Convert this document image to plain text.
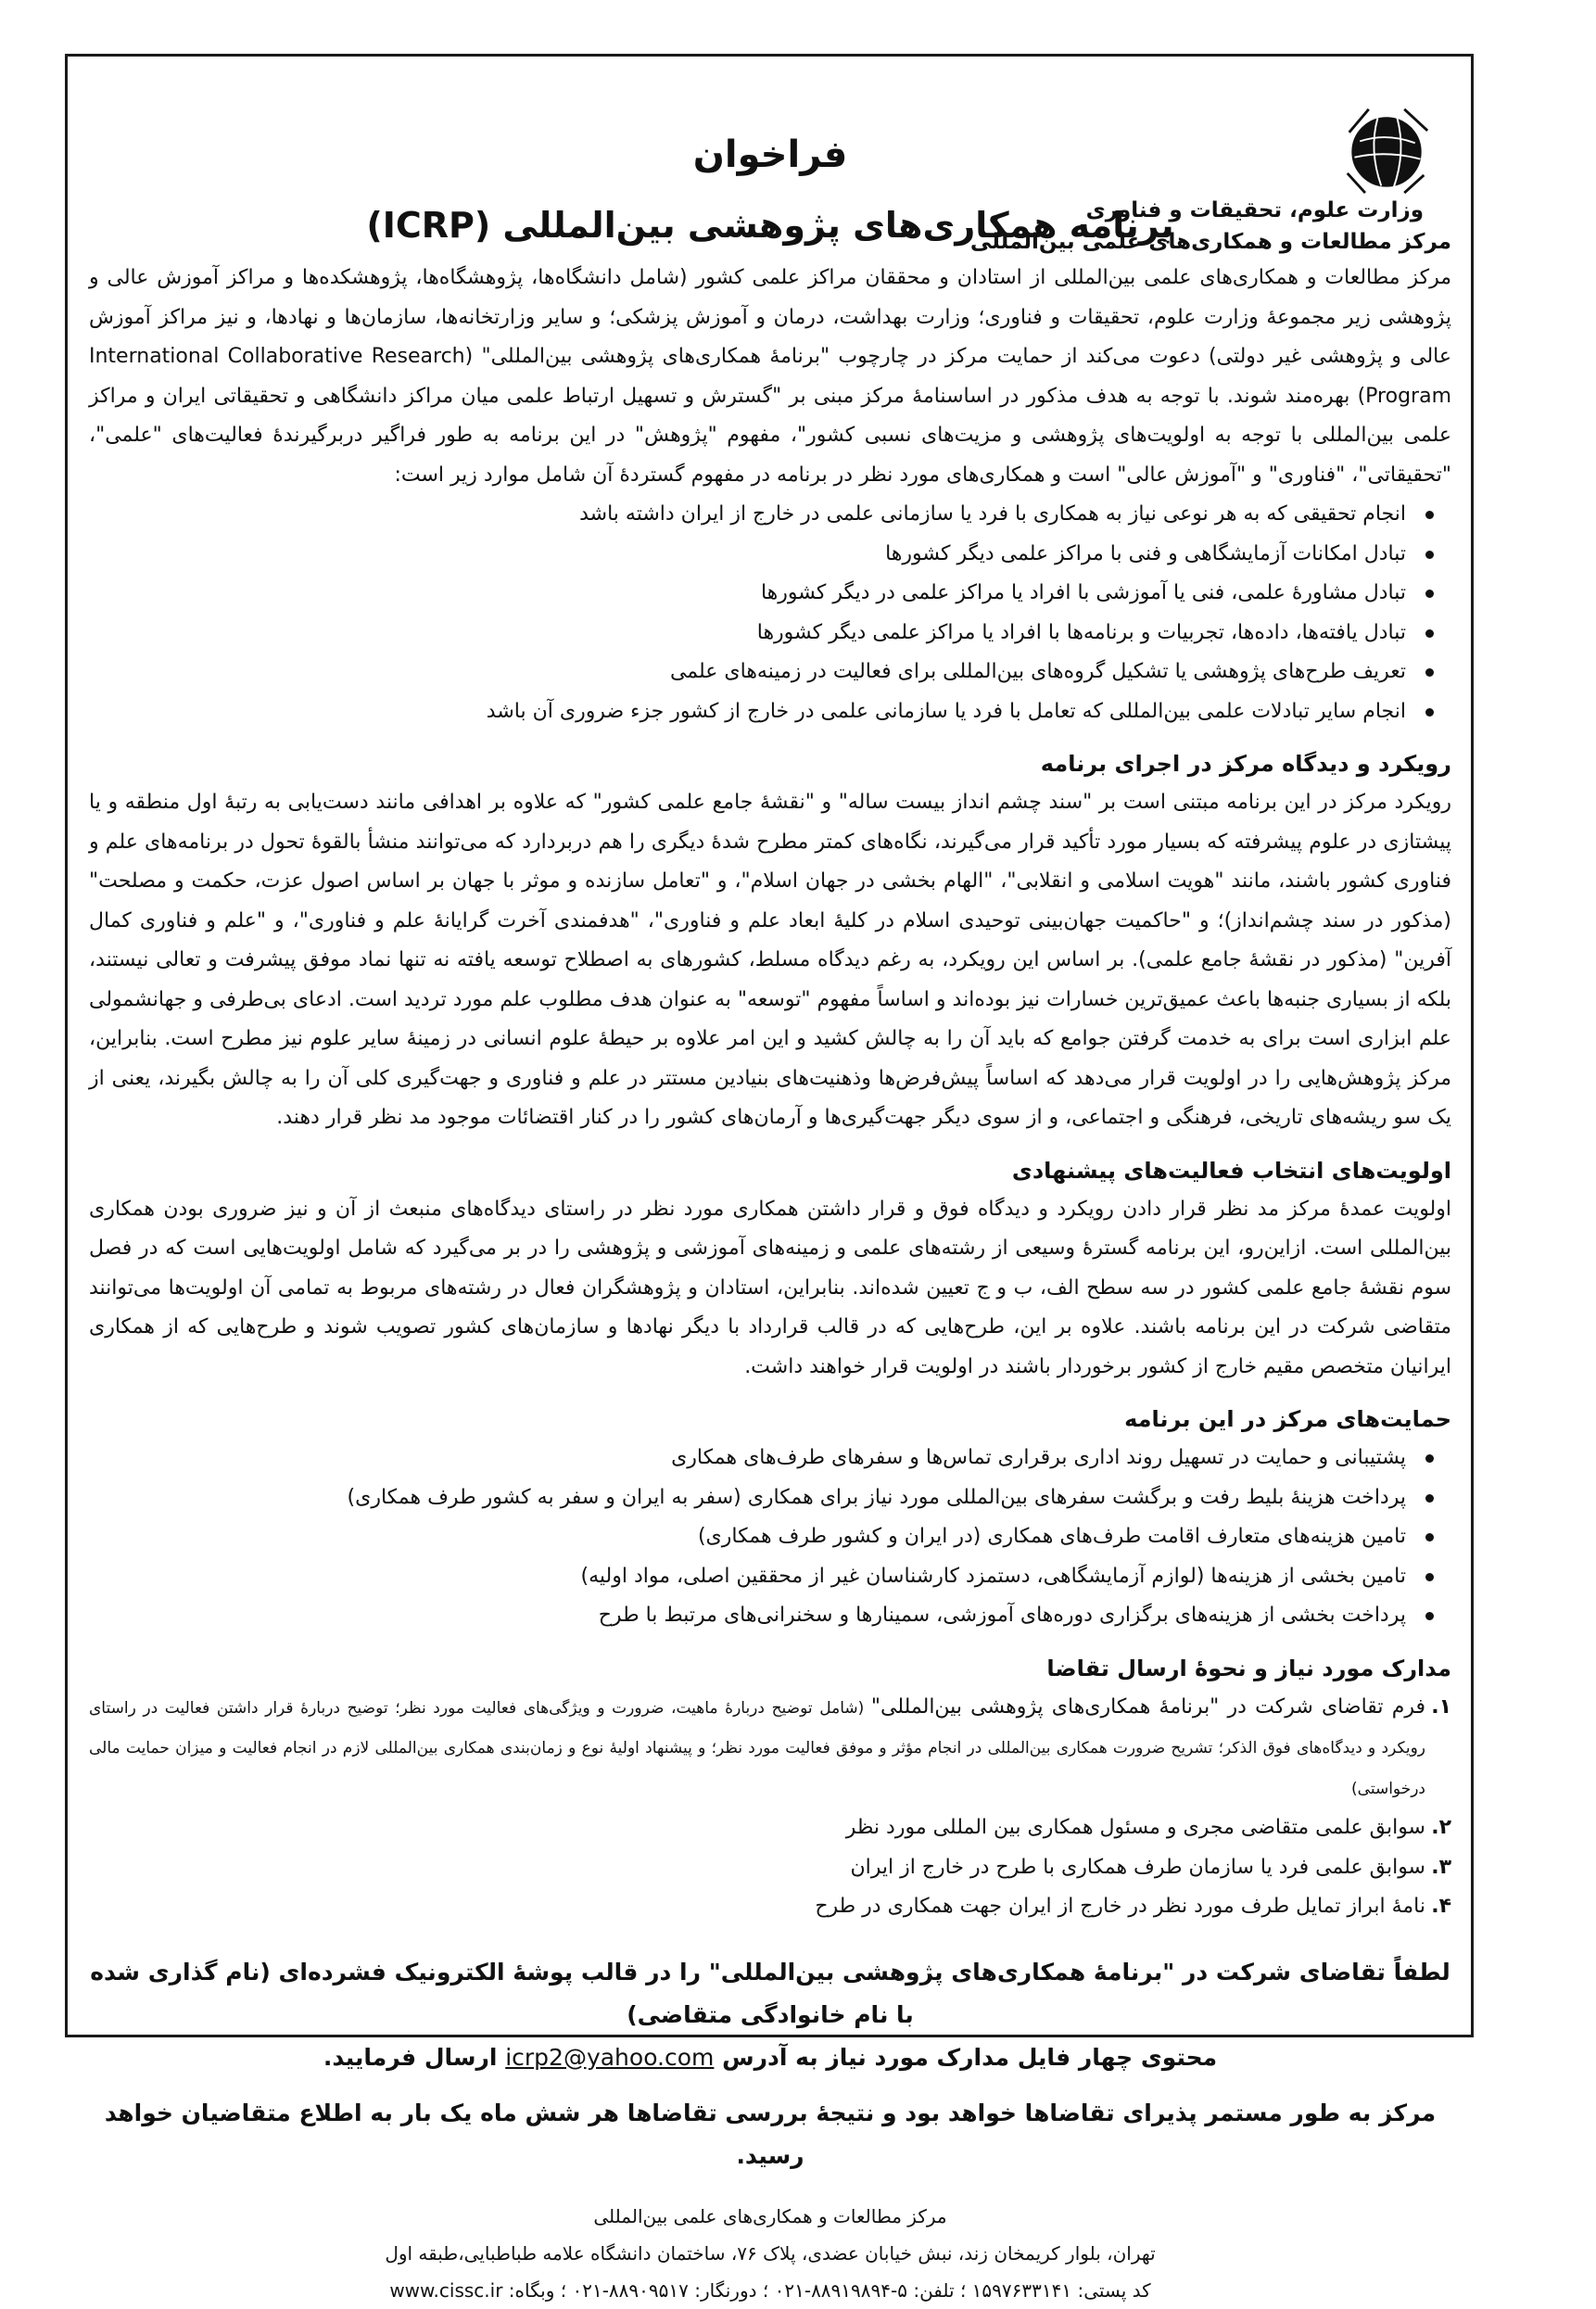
وزارت علوم، تحقیقات و فناوری
مرکز مطالعات و همکاری‌های علمی بین‌المللی
فراخوان
برنامه همکاری‌های پژوهشی بین‌المللی (ICRP)

مرکز مطالعات و همکاری‌های علمی بین‌المللی از استادان و محققان مراکز علمی کشور (شامل دانشگاه‌ها، پژوهشگاه‌ها، پژوهشکده‌ها و مراکز آموزش عالی و پژوهشی زیر مجموعهٔ وزارت علوم، تحقیقات و فناوری؛ وزارت بهداشت، درمان و آموزش پزشکی؛ و سایر وزارتخانه‌ها، سازمان‌ها و نهادها، و نیز مراکز آموزش عالی و پژوهشی غیر دولتی) دعوت می‌کند از حمایت مرکز در چارچوب "برنامهٔ همکاری‌های پژوهشی بین‌المللی" (International Collaborative Research Program) بهره‌مند شوند. با توجه به هدف مذکور در اساسنامهٔ مرکز مبنی بر "گسترش و تسهیل ارتباط علمی میان مراکز دانشگاهی و تحقیقاتی ایران و مراکز علمی بین‌المللی با توجه به اولویت‌های پژوهشی و مزیت‌های نسبی کشور"، مفهوم "پژوهش" در این برنامه به طور فراگیر دربرگیرندهٔ فعالیت‌های "علمی"، "تحقیقاتی"، "فناوری" و "آموزش عالی" است و همکاری‌های مورد نظر در برنامه در مفهوم گستردهٔ آن شامل موارد زیر است:

انجام تحقیقی که به هر نوعی نیاز به همکاری با فرد یا سازمانی علمی در خارج از ایران داشته باشد
تبادل امکانات آزمایشگاهی و فنی با مراکز علمی دیگر کشورها
تبادل مشاورهٔ علمی، فنی یا آموزشی با افراد یا مراکز علمی در دیگر کشورها
تبادل یافته‌ها، داده‌ها، تجربیات و برنامه‌ها با افراد یا مراکز علمی دیگر کشورها
تعریف طرح‌های پژوهشی یا تشکیل گروه‌های بین‌المللی برای فعالیت در زمینه‌های علمی
انجام سایر تبادلات علمی بین‌المللی که تعامل با فرد یا سازمانی علمی در خارج از کشور جزء ضروری آن باشد
رویکرد و دیدگاه مرکز در اجرای برنامه

رویکرد مرکز در این برنامه مبتنی است بر "سند چشم انداز بیست ساله" و "نقشهٔ جامع علمی کشور" که علاوه بر اهدافی مانند دست‌یابی به رتبهٔ اول منطقه و یا پیشتازی در علوم پیشرفته که بسیار مورد تأکید قرار می‌گیرند، نگاه‌های کمتر مطرح شدهٔ دیگری را هم دربردارد که می‌توانند منشأ بالقوهٔ تحول در برنامه‌های علم و فناوری کشور باشند، مانند "هویت اسلامی و انقلابی"، "الهام بخشی در جهان اسلام"، و "تعامل سازنده و موثر با جهان بر اساس اصول عزت، حکمت و مصلحت" (مذکور در سند چشم‌انداز)؛ و "حاکمیت جهان‌بینی توحیدی اسلام در کلیهٔ ابعاد علم و فناوری"، "هدفمندی آخرت گرایانهٔ علم و فناوری"، و "علم و فناوری کمال آفرین" (مذکور در نقشهٔ جامع علمی). بر اساس این رویکرد، به رغم دیدگاه مسلط، کشورهای به اصطلاح توسعه یافته نه تنها نماد موفق پیشرفت و تعالی نیستند، بلکه از بسیاری جنبه‌ها باعث عمیق‌ترین خسارات نیز بوده‌اند و اساساً مفهوم "توسعه" به عنوان هدف مطلوب علم مورد تردید است. ادعای بی‌طرفی و جهانشمولی علم ابزاری است برای به خدمت گرفتن جوامع که باید آن را به چالش کشید و این امر علاوه بر حیطهٔ علوم انسانی در زمینهٔ سایر علوم نیز مطرح است. بنابراین، مرکز پژوهش‌هایی را در اولویت قرار می‌دهد که اساساً پیش‌فرض‌ها وذهنیت‌های بنیادین مستتر در علم و فناوری و جهت‌گیری کلی آن را به چالش بگیرند، یعنی از یک سو ریشه‌های تاریخی، فرهنگی و اجتماعی، و از سوی دیگر جهت‌گیری‌ها و آرمان‌های کشور را در کنار اقتضائات موجود مد نظر قرار دهند.

اولویت‌های انتخاب فعالیت‌های پیشنهادی

اولویت عمدهٔ مرکز مد نظر قرار دادن رویکرد و دیدگاه فوق و قرار داشتن همکاری مورد نظر در راستای دیدگاه‌های منبعث از آن و نیز ضروری بودن همکاری بین‌المللی است. ازاین‌رو، این برنامه گسترهٔ وسیعی از رشته‌های علمی و زمینه‌های آموزشی و پژوهشی را در بر می‌گیرد که شامل اولویت‌هایی است که در فصل سوم نقشهٔ جامع علمی کشور در سه سطح الف، ب و ج تعیین شده‌اند. بنابراین، استادان و پژوهشگران فعال در رشته‌های مربوط به تمامی آن اولویت‌ها می‌توانند متقاضی شرکت در این برنامه باشند. علاوه بر این، طرح‌هایی که در قالب قرارداد با دیگر نهادها و سازمان‌های کشور تصویب شوند و طرح‌هایی که از همکاری ایرانیان متخصص مقیم خارج از کشور برخوردار باشند در اولویت قرار خواهند داشت.

حمایت‌های مرکز در این برنامه
پشتیبانی و حمایت در تسهیل روند اداری برقراری تماس‌ها و سفرهای طرف‌های همکاری
پرداخت هزینهٔ بلیط رفت و برگشت سفرهای بین‌المللی مورد نیاز برای همکاری (سفر به ایران و سفر به کشور طرف همکاری)
تامین هزینه‌های متعارف اقامت طرف‌های همکاری (در ایران و کشور طرف همکاری)
تامین بخشی از هزینه‌ها (لوازم آزمایشگاهی، دستمزد کارشناسان غیر از محققین اصلی، مواد اولیه)
پرداخت بخشی از هزینه‌های برگزاری دوره‌های آموزشی، سمینارها و سخنرانی‌های مرتبط با طرح
مدارک مورد نیاز و نحوهٔ ارسال تقاضا
۱.
فرم تقاضای شرکت در "برنامهٔ همکاری‌های پژوهشی بین‌المللی" (شامل توضیح دربارهٔ ماهیت، ضرورت و ویژگی‌های فعالیت مورد نظر؛ توضیح دربارهٔ قرار داشتن فعالیت در راستای رویکرد و دیدگاه‌های فوق الذکر؛ تشریح ضرورت همکاری بین‌المللی در انجام مؤثر و موفق فعالیت مورد نظر؛ و پیشنهاد اولیهٔ نوع و زمان‌بندی همکاری بین‌المللی لازم در انجام فعالیت و میزان حمایت مالی درخواستی)
۲.
سوابق علمی متقاضی مجری و مسئول همکاری بین المللی مورد نظر
۳.
سوابق علمی فرد یا سازمان طرف همکاری با طرح در خارج از ایران
۴.
نامهٔ ابراز تمایل طرف مورد نظر در خارج از ایران جهت همکاری در طرح
لطفاً تقاضای شرکت در "برنامهٔ همکاری‌های پژوهشی بین‌المللی" را در قالب پوشهٔ الکترونیک فشرده‌ای (نام گذاری شده با نام خانوادگی متقاضی)
محتوی چهار فایل مدارک مورد نیاز به آدرس icrp2@yahoo.com ارسال فرمایید.
مرکز به طور مستمر پذیرای تقاضاها خواهد بود و نتیجهٔ بررسی تقاضاها هر شش ماه یک بار به اطلاع متقاضیان خواهد رسید.
مرکز مطالعات و همکاری‌های علمی بین‌المللی
تهران، بلوار کریمخان زند، نبش خیابان عضدی، پلاک ۷۶، ساختمان دانشگاه علامه طباطبایی،طبقه اول
کد پستی: ۱۵۹۷۶۳۳۱۴۱ ؛ تلفن: ۵-۸۸۹۱۹۸۹۴-۰۲۱ ؛ دورنگار: ۸۸۹۰۹۵۱۷-۰۲۱ ؛ وبگاه: www.cissc.ir
